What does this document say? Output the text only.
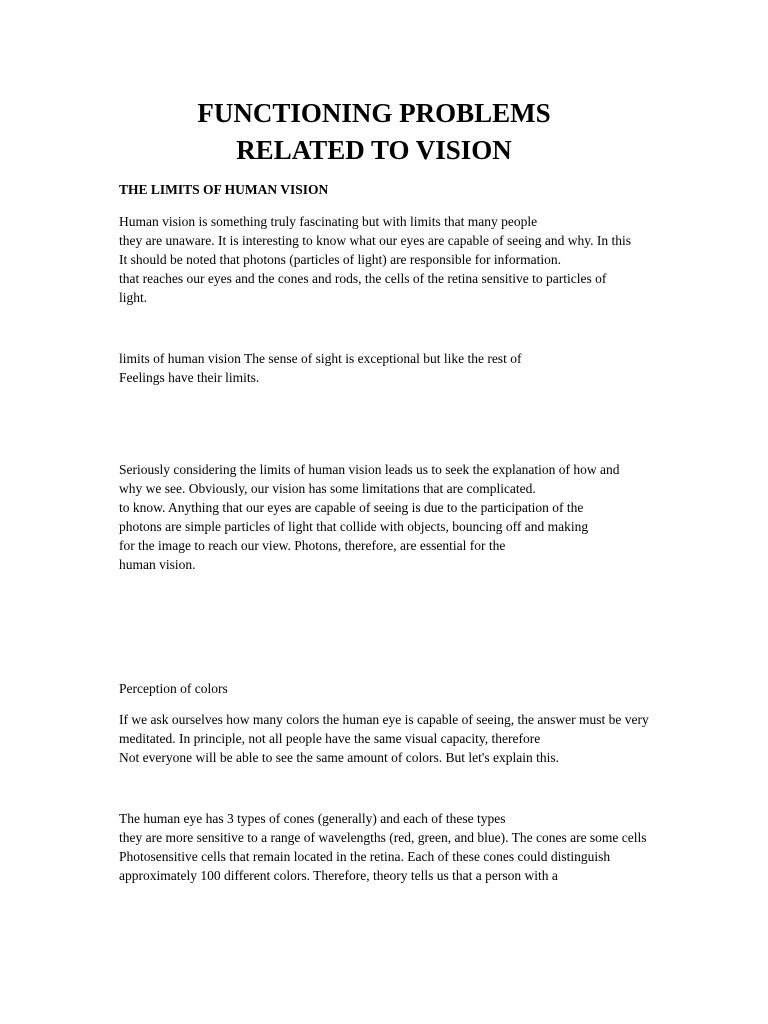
FUNCTIONING PROBLEMS
RELATED TO VISION
THE LIMITS OF HUMAN VISION

Human vision is something truly fascinating but with limits that many people
they are unaware. It is interesting to know what our eyes are capable of seeing and why. In this
It should be noted that photons (particles of light) are responsible for information.
that reaches our eyes and the cones and rods, the cells of the retina sensitive to particles of
light.

limits of human vision The sense of sight is exceptional but like the rest of
Feelings have their limits.

Seriously considering the limits of human vision leads us to seek the explanation of how and
why we see. Obviously, our vision has some limitations that are complicated.
to know. Anything that our eyes are capable of seeing is due to the participation of the
photons are simple particles of light that collide with objects, bouncing off and making
for the image to reach our view. Photons, therefore, are essential for the
human vision.

Perception of colors

If we ask ourselves how many colors the human eye is capable of seeing, the answer must be very
meditated. In principle, not all people have the same visual capacity, therefore
Not everyone will be able to see the same amount of colors. But let's explain this.

The human eye has 3 types of cones (generally) and each of these types
they are more sensitive to a range of wavelengths (red, green, and blue). The cones are some cells
Photosensitive cells that remain located in the retina. Each of these cones could distinguish
approximately 100 different colors. Therefore, theory tells us that a person with a
